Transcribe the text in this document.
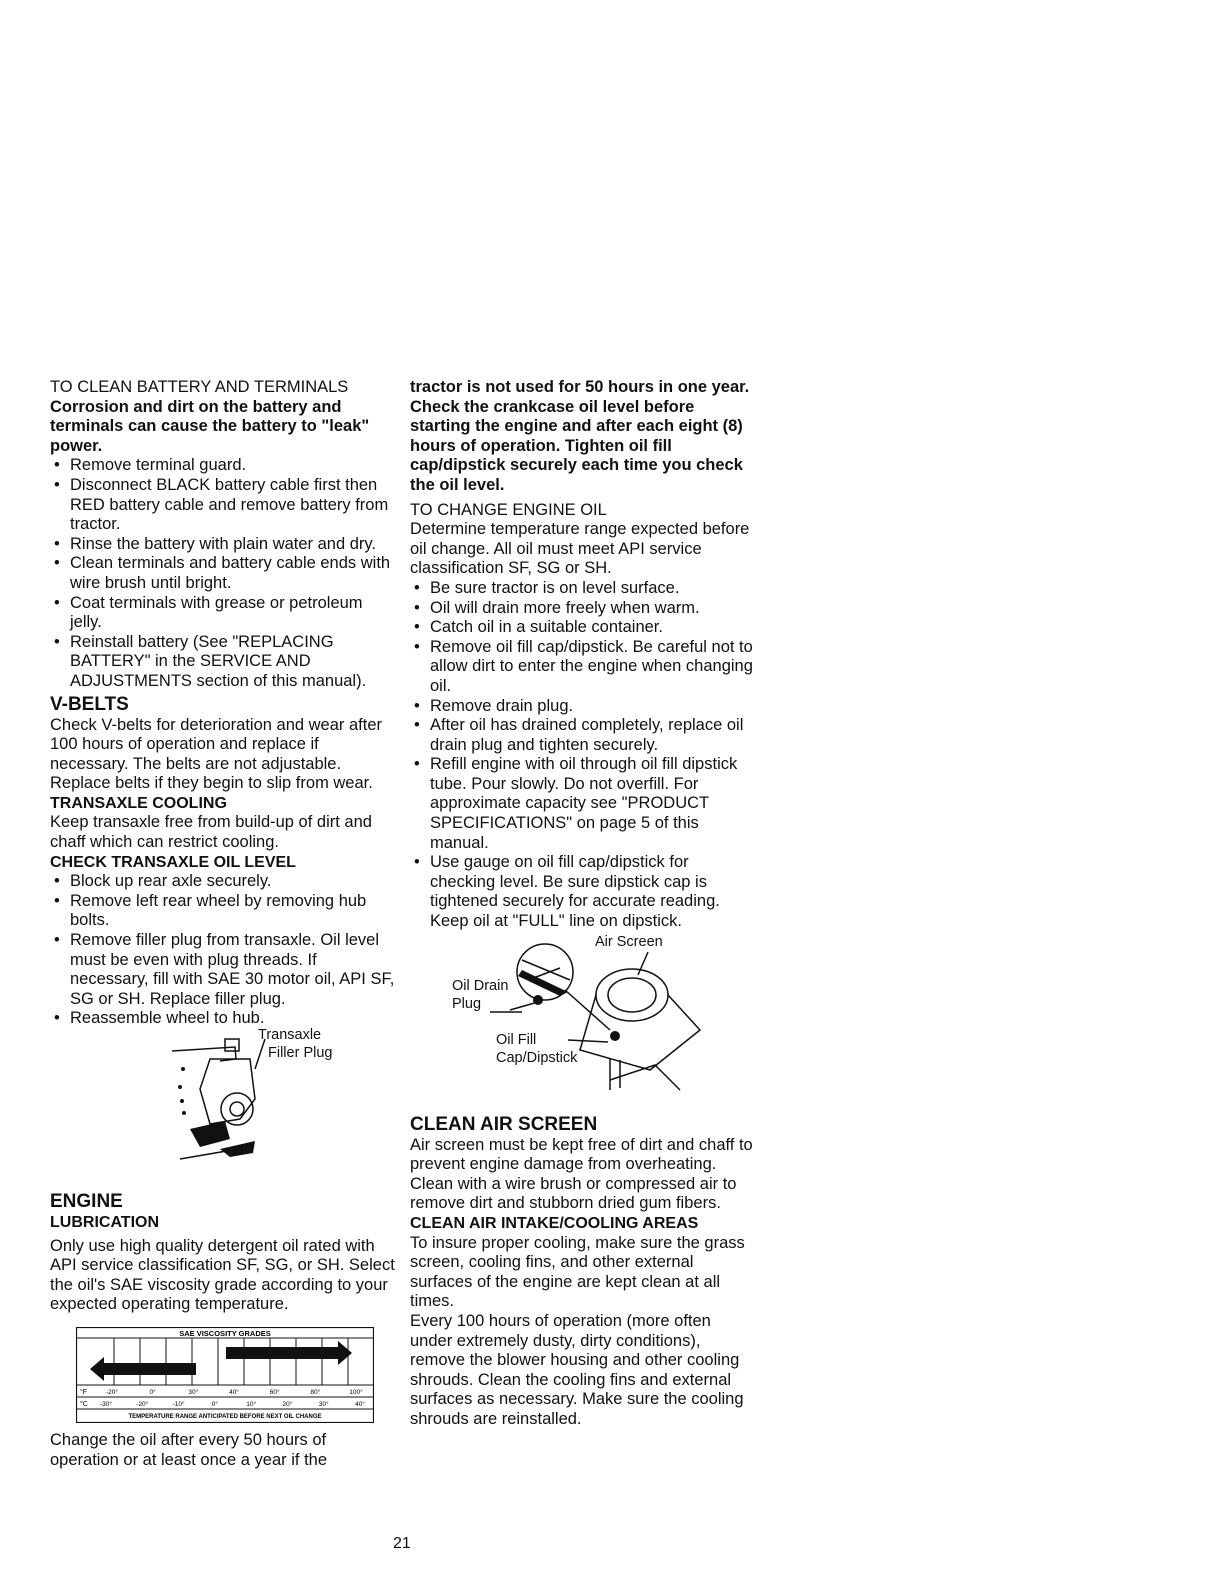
TO CLEAN BATTERY AND TERMINALS

Corrosion and dirt on the battery and terminals can cause the battery to "leak" power.

• Remove terminal guard.
• Disconnect BLACK battery cable first then RED battery cable and remove battery from tractor.
• Rinse the battery with plain water and dry.
• Clean terminals and battery cable ends with wire brush until bright.
• Coat terminals with grease or petroleum jelly.
• Reinstall battery (See "REPLACING BATTERY" in the SERVICE AND ADJUSTMENTS section of this manual).
V-BELTS

Check V-belts for deterioration and wear after 100 hours of operation and replace if necessary. The belts are not adjustable. Replace belts if they begin to slip from wear.

TRANSAXLE COOLING

Keep transaxle free from build-up of dirt and chaff which can restrict cooling.

CHECK TRANSAXLE OIL LEVEL
• Block up rear axle securely.
• Remove left rear wheel by removing hub bolts.
• Remove filler plug from transaxle. Oil level must be even with plug threads. If necessary, fill with SAE 30 motor oil, API SF, SG or SH. Replace filler plug.
• Reassemble wheel to hub.
Transaxle
Filler Plug
ENGINE
LUBRICATION

Only use high quality detergent oil rated with API service classification SF, SG, or SH. Select the oil's SAE viscosity grade according to your expected operating temperature.

SAE VISCOSITY GRADES
°F
°C
-20°	0°	30°	40°	60°	80°	100°
-30°	-20°	-10°	0°	10°	20°	30°	40°
TEMPERATURE RANGE ANTICIPATED BEFORE NEXT OIL CHANGE

Change the oil after every 50 hours of operation or at least once a year if the

tractor is not used for 50 hours in one year.

Check the crankcase oil level before starting the engine and after each eight (8) hours of operation. Tighten oil fill cap/dipstick securely each time you check the oil level.

TO CHANGE ENGINE OIL

Determine temperature range expected before oil change. All oil must meet API service classification SF, SG or SH.

• Be sure tractor is on level surface.
• Oil will drain more freely when warm.
• Catch oil in a suitable container.
• Remove oil fill cap/dipstick. Be careful not to allow dirt to enter the engine when changing oil.
• Remove drain plug.
• After oil has drained completely, replace oil drain plug and tighten securely.
• Refill engine with oil through oil fill dipstick tube. Pour slowly. Do not overfill. For approximate capacity see "PRODUCT SPECIFICATIONS" on page 5 of this manual.
• Use gauge on oil fill cap/dipstick for checking level. Be sure dipstick cap is tightened securely for accurate reading. Keep oil at "FULL" line on dipstick.
Air Screen
Oil Drain
Plug
Oil Fill
Cap/Dipstick
CLEAN AIR SCREEN

Air screen must be kept free of dirt and chaff to prevent engine damage from overheating. Clean with a wire brush or compressed air to remove dirt and stubborn dried gum fibers.

CLEAN AIR INTAKE/COOLING AREAS

To insure proper cooling, make sure the grass screen, cooling fins, and other external surfaces of the engine are kept clean at all times.

Every 100 hours of operation (more often under extremely dusty, dirty conditions), remove the blower housing and other cooling shrouds. Clean the cooling fins and external surfaces as necessary. Make sure the cooling shrouds are reinstalled.

21
